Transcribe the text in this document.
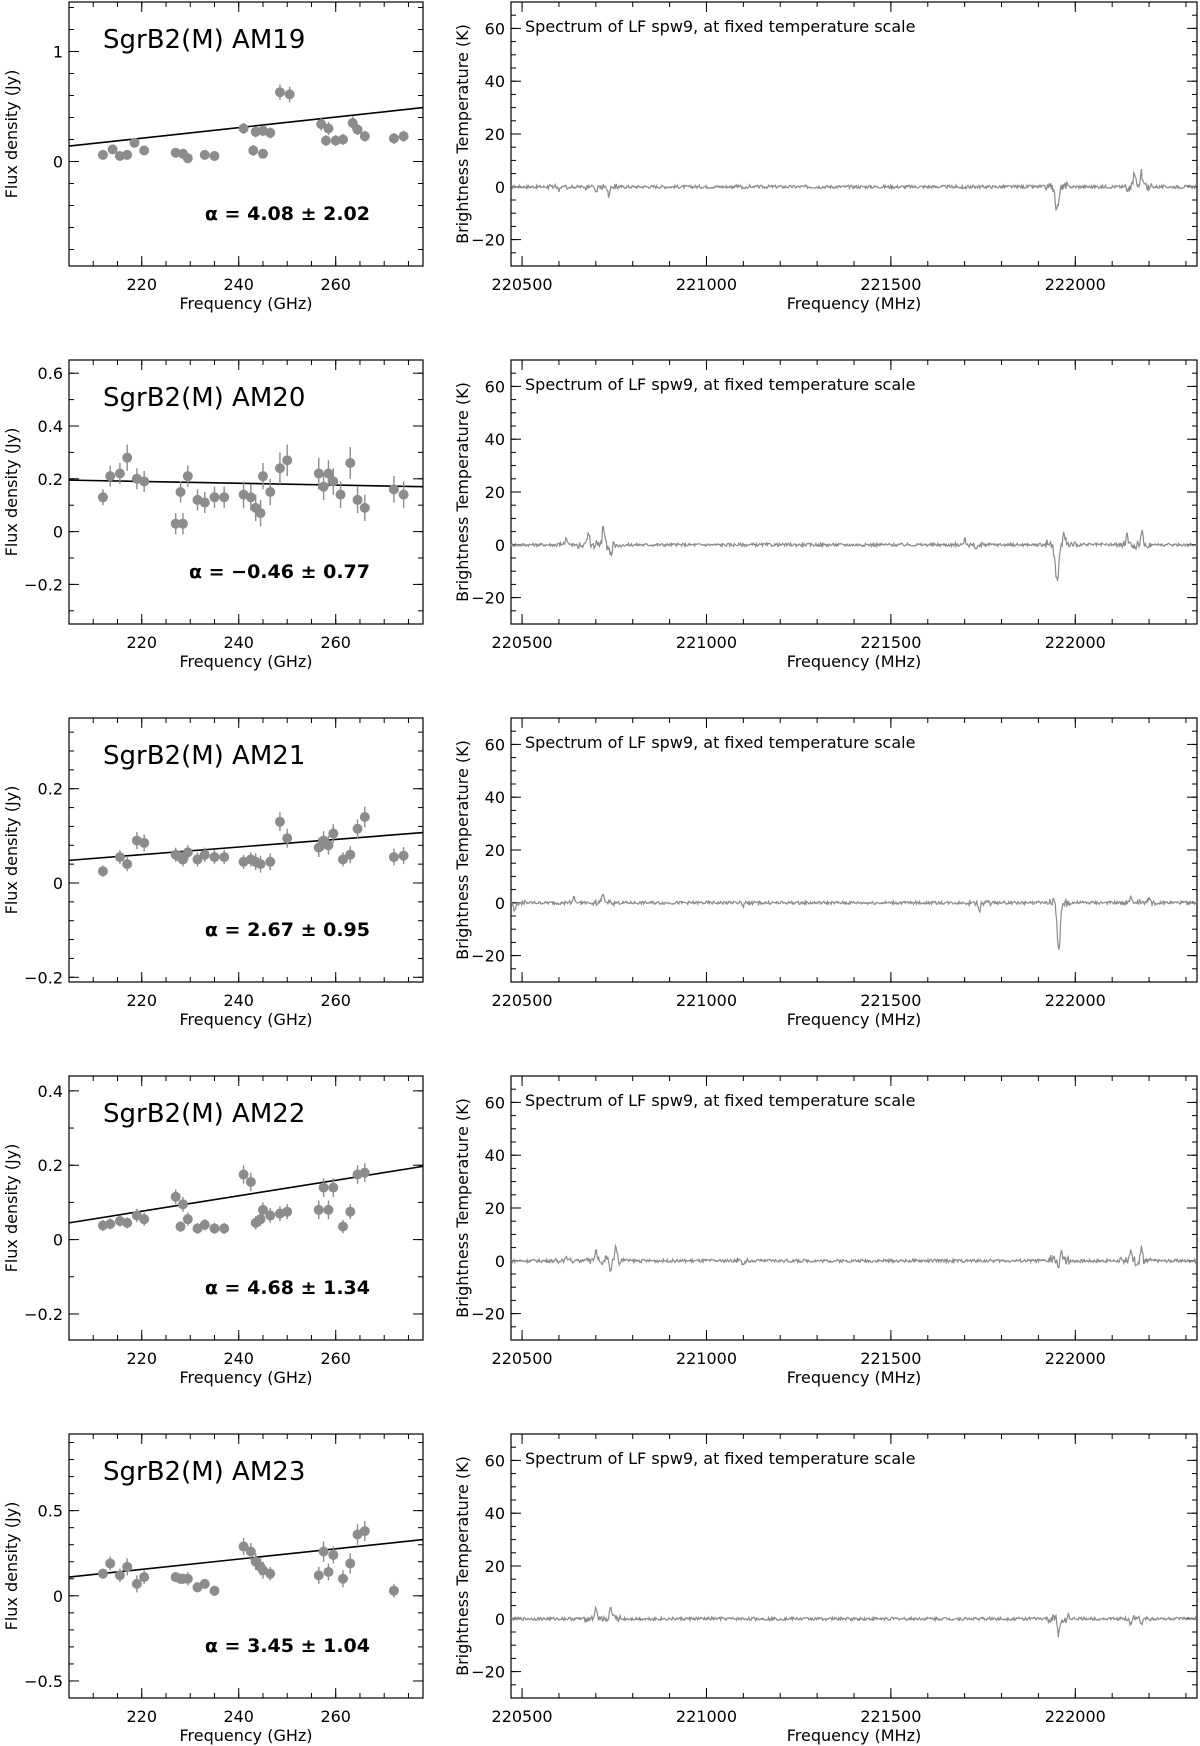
220	240	260
0
1
Frequency (GHz)
Flux density (Jy)
SgrB2(M) AM19
α = 4.08 ± 2.02
220	240	260
−0.2
0
0.2
0.4
0.6
Frequency (GHz)
Flux density (Jy)
SgrB2(M) AM20
α = −0.46 ± 0.77
220	240	260
−0.2
0
0.2
Frequency (GHz)
Flux density (Jy)
SgrB2(M) AM21
α = 2.67 ± 0.95
220	240	260
−0.2
0
0.2
0.4
Frequency (GHz)
Flux density (Jy)
SgrB2(M) AM22
α = 4.68 ± 1.34
220	240	260
−0.5
0
0.5
Frequency (GHz)
Flux density (Jy)
SgrB2(M) AM23
α = 3.45 ± 1.04
220500	221000	221500	222000
−20
0
20
40
60
Frequency (MHz)
Brightness Temperature (K)	Spectrum of LF spw9, at fixed temperature scale
220500	221000	221500	222000
−20
0
20
40
60
Frequency (MHz)
Brightness Temperature (K)	Spectrum of LF spw9, at fixed temperature scale
220500	221000	221500	222000
−20
0
20
40
60
Frequency (MHz)
Brightness Temperature (K)	Spectrum of LF spw9, at fixed temperature scale
220500	221000	221500	222000
−20
0
20
40
60
Frequency (MHz)
Brightness Temperature (K)	Spectrum of LF spw9, at fixed temperature scale
220500	221000	221500	222000
−20
0
20
40
60
Frequency (MHz)
Brightness Temperature (K)	Spectrum of LF spw9, at fixed temperature scale
